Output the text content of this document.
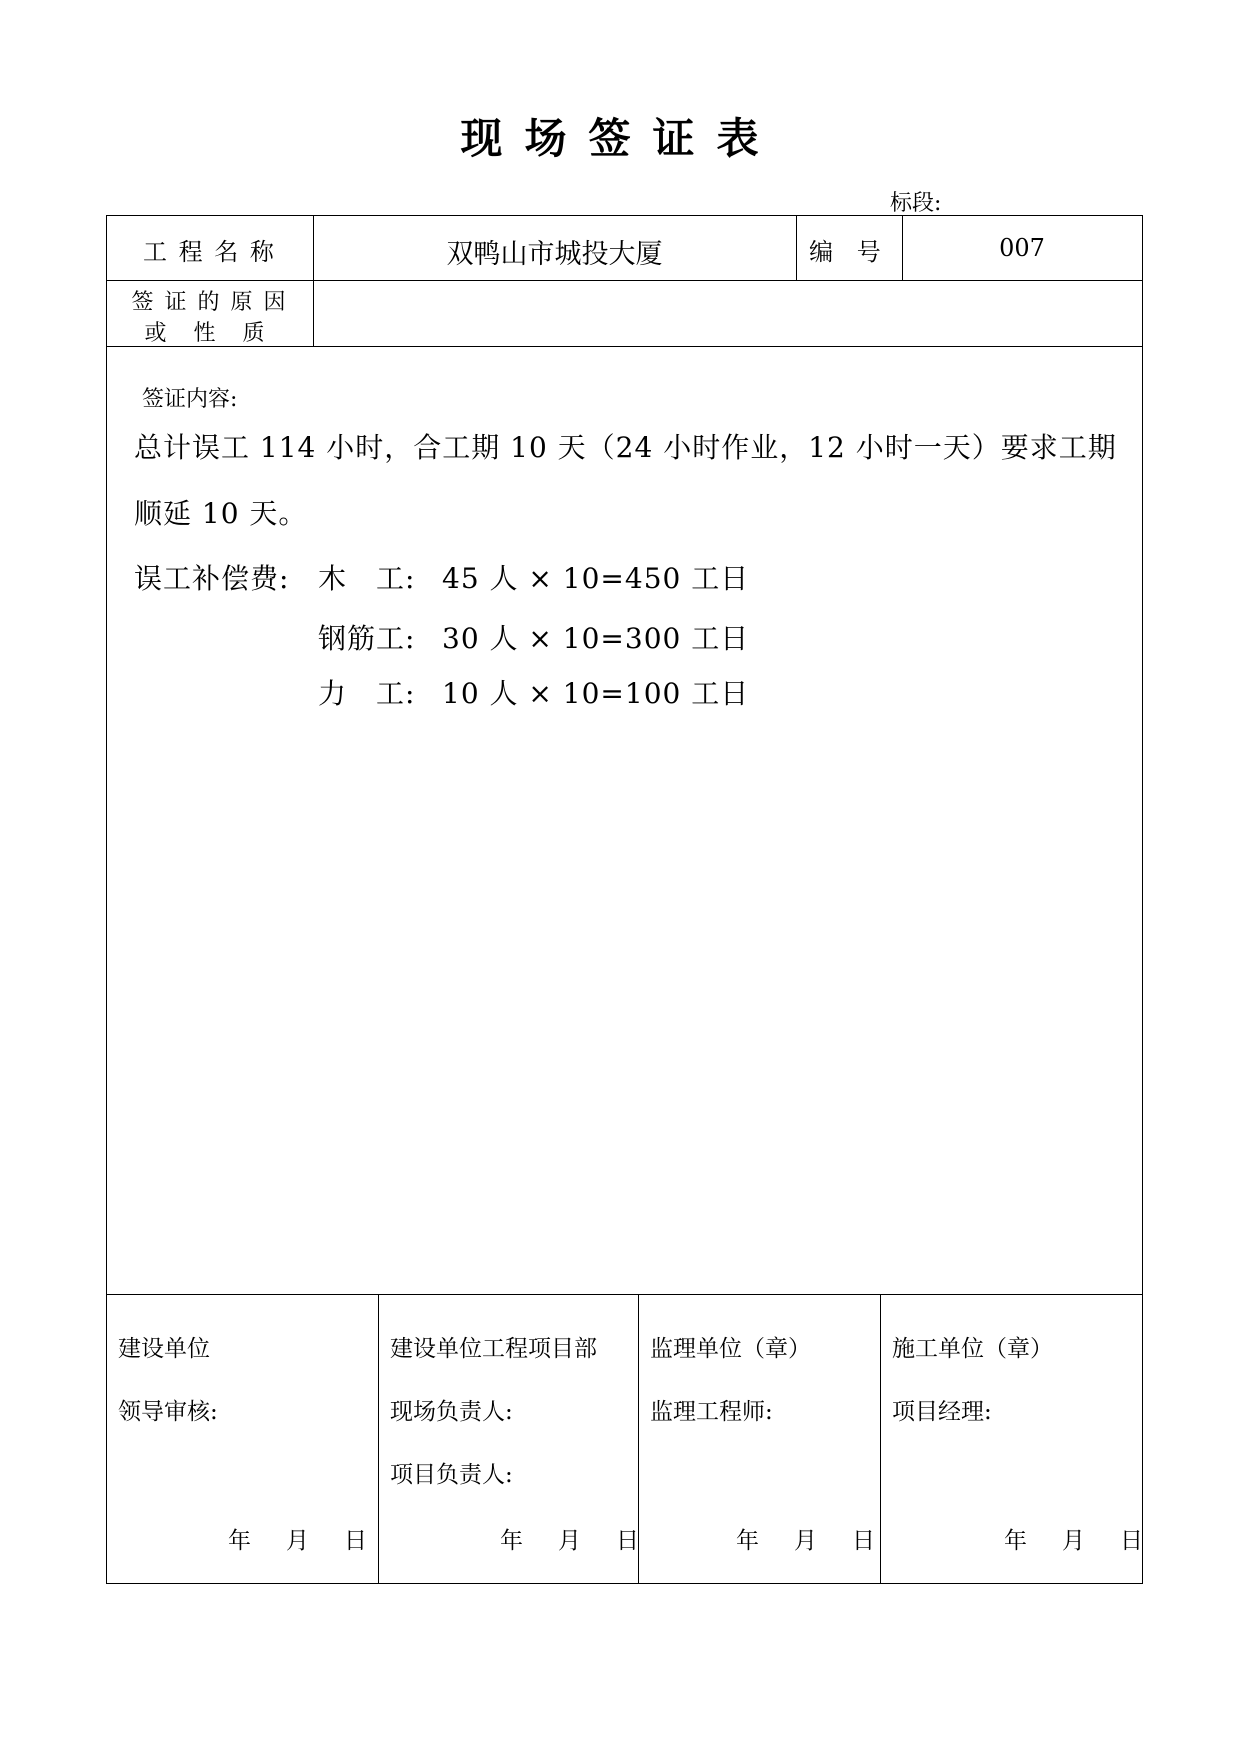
现场签证表
标段:
工 程 名 称	双鸭山市城投大厦	编 号	007
签 证 的 原 因
或 性 质
签证内容:
总计误工 114 小时，合工期 10 天（24 小时作业，12 小时一天）要求工期
顺延 10 天。
误工补偿费: 木　工: 45 人 × 10=450 工日
钢筋工: 30 人 × 10=300 工日
力　工: 10 人 × 10=100 工日
建设单位
领导审核:
年　月　日
建设单位工程项目部
现场负责人:
项目负责人:
年　月　日
监理单位（章）
监理工程师:
年　月　日
施工单位（章）
项目经理:
年　月　日
